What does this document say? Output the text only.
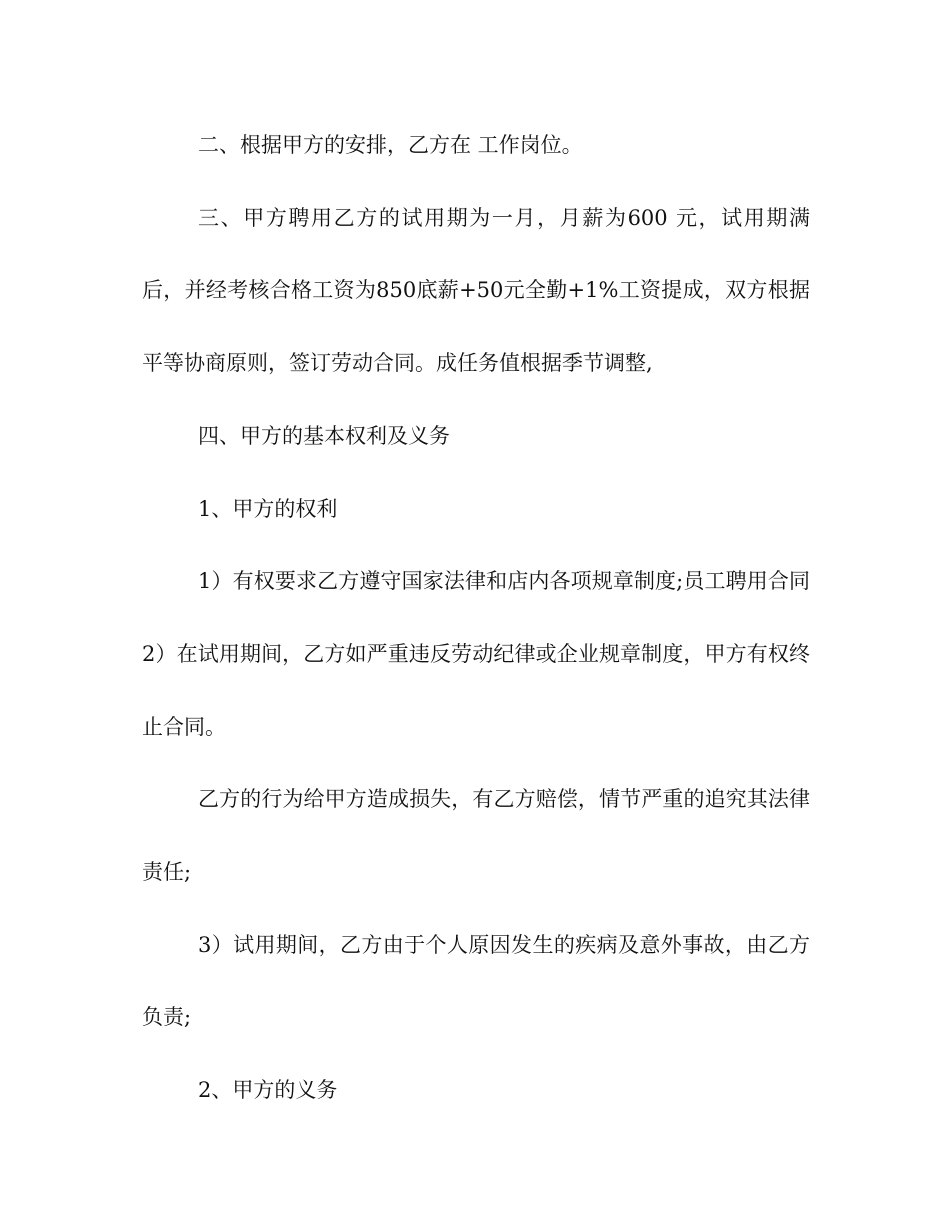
二、根据甲方的安排，乙方在 工作岗位。

三、甲方聘用乙方的试用期为一月，月薪为600 元，试用期满后，并经考核合格工资为850底薪+50元全勤+1%工资提成，双方根据平等协商原则，签订劳动合同。成任务值根据季节调整,

四、甲方的基本权利及义务

1、甲方的权利

1）有权要求乙方遵守国家法律和店内各项规章制度;员工聘用合同2）在试用期间，乙方如严重违反劳动纪律或企业规章制度，甲方有权终止合同。

乙方的行为给甲方造成损失，有乙方赔偿，情节严重的追究其法律责任;

3）试用期间，乙方由于个人原因发生的疾病及意外事故，由乙方负责;

2、甲方的义务
